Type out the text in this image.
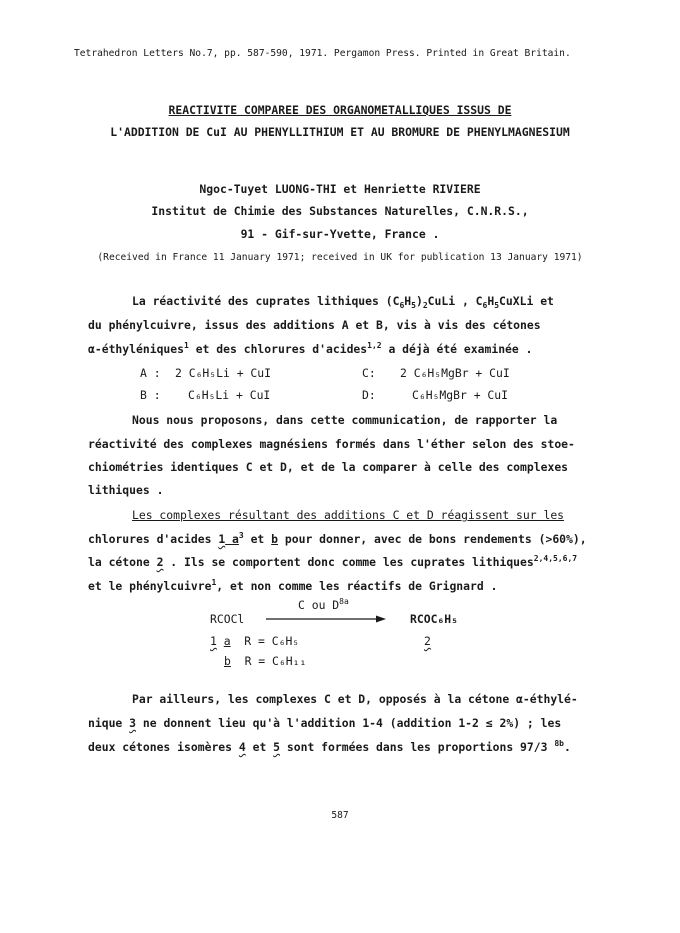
Tetrahedron Letters No.7, pp. 587-590, 1971. Pergamon Press. Printed in Great Britain.
REACTIVITE COMPAREE DES ORGANOMETALLIQUES ISSUS DE
L'ADDITION DE CuI AU PHENYLLITHIUM ET AU BROMURE DE PHENYLMAGNESIUM
Ngoc-Tuyet LUONG-THI et Henriette RIVIERE
Institut de Chimie des Substances Naturelles, C.N.R.S.,
91 - Gif-sur-Yvette, France .
(Received in France 11 January 1971; received in UK for publication 13 January 1971)
La réactivité des cuprates lithiques $(C_6H_5)_2CuLi$ , $C_6H_5CuXLi$ et
du phénylcuivre, issus des additions A et B, vis à vis des cétones
α-éthyléniques$^1$ et des chlorures d'acides$^{1,2}$ a déjà été examinée .
A : 2 C₆H₅Li + CuI	C: 2 C₆H₅MgBr + CuI
B : C₆H₅Li + CuI	D:	C₆H₅MgBr + CuI
Nous nous proposons, dans cette communication, de rapporter la
réactivité des complexes magnésiens formés dans l'éther selon des stoe-
chiométries identiques C et D, et de la comparer à celle des complexes
lithiques .
Les complexes résultant des additions C et D réagissent sur les
chlorures d'acides 1 $a^3$ et b pour donner, avec de bons rendements (>60%),
la cétone 2 . Ils se comportent donc comme les cuprates lithiques$^{2,4,5,6,7}$
et le phénylcuivre$^1$, et non comme les réactifs de Grignard .
C ou $D^{8a}$
RCOCl	RCOC₆H₅
1 a R = C₆H₅	2
b R = C₆H₁₁
Par ailleurs, les complexes C et D, opposés à la cétone α-éthylé-
nique 3 ne donnent lieu qu'à l'addition 1-4 (addition 1-2 ≤ 2%) ; les
deux cétones isomères 4 et 5 sont formées dans les proportions 97/3 $^{8b}$.
587
